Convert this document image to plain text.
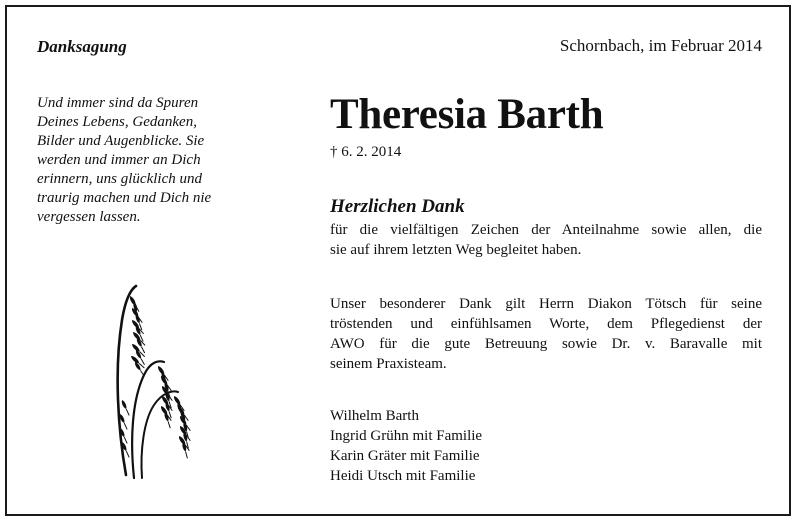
Danksagung	Schornbach, im Februar 2014
Und immer sind da Spuren
Deines Lebens, Gedanken,
Bilder und Augenblicke. Sie
werden und immer an Dich
erinnern, uns glücklich und
traurig machen und Dich nie
vergessen lassen.
Theresia Barth
† 6. 2. 2014
Herzlichen Dank
für die vielfältigen Zeichen der Anteilnahme sowie allen, die
sie auf ihrem letzten Weg begleitet haben.
Unser besonderer Dank gilt Herrn Diakon Tötsch für seine
tröstenden und einfühlsamen Worte, dem Pflegedienst der
AWO für die gute Betreuung sowie Dr. v. Baravalle mit
seinem Praxisteam.
Wilhelm Barth
Ingrid Grühn mit Familie
Karin Gräter mit Familie
Heidi Utsch mit Familie
